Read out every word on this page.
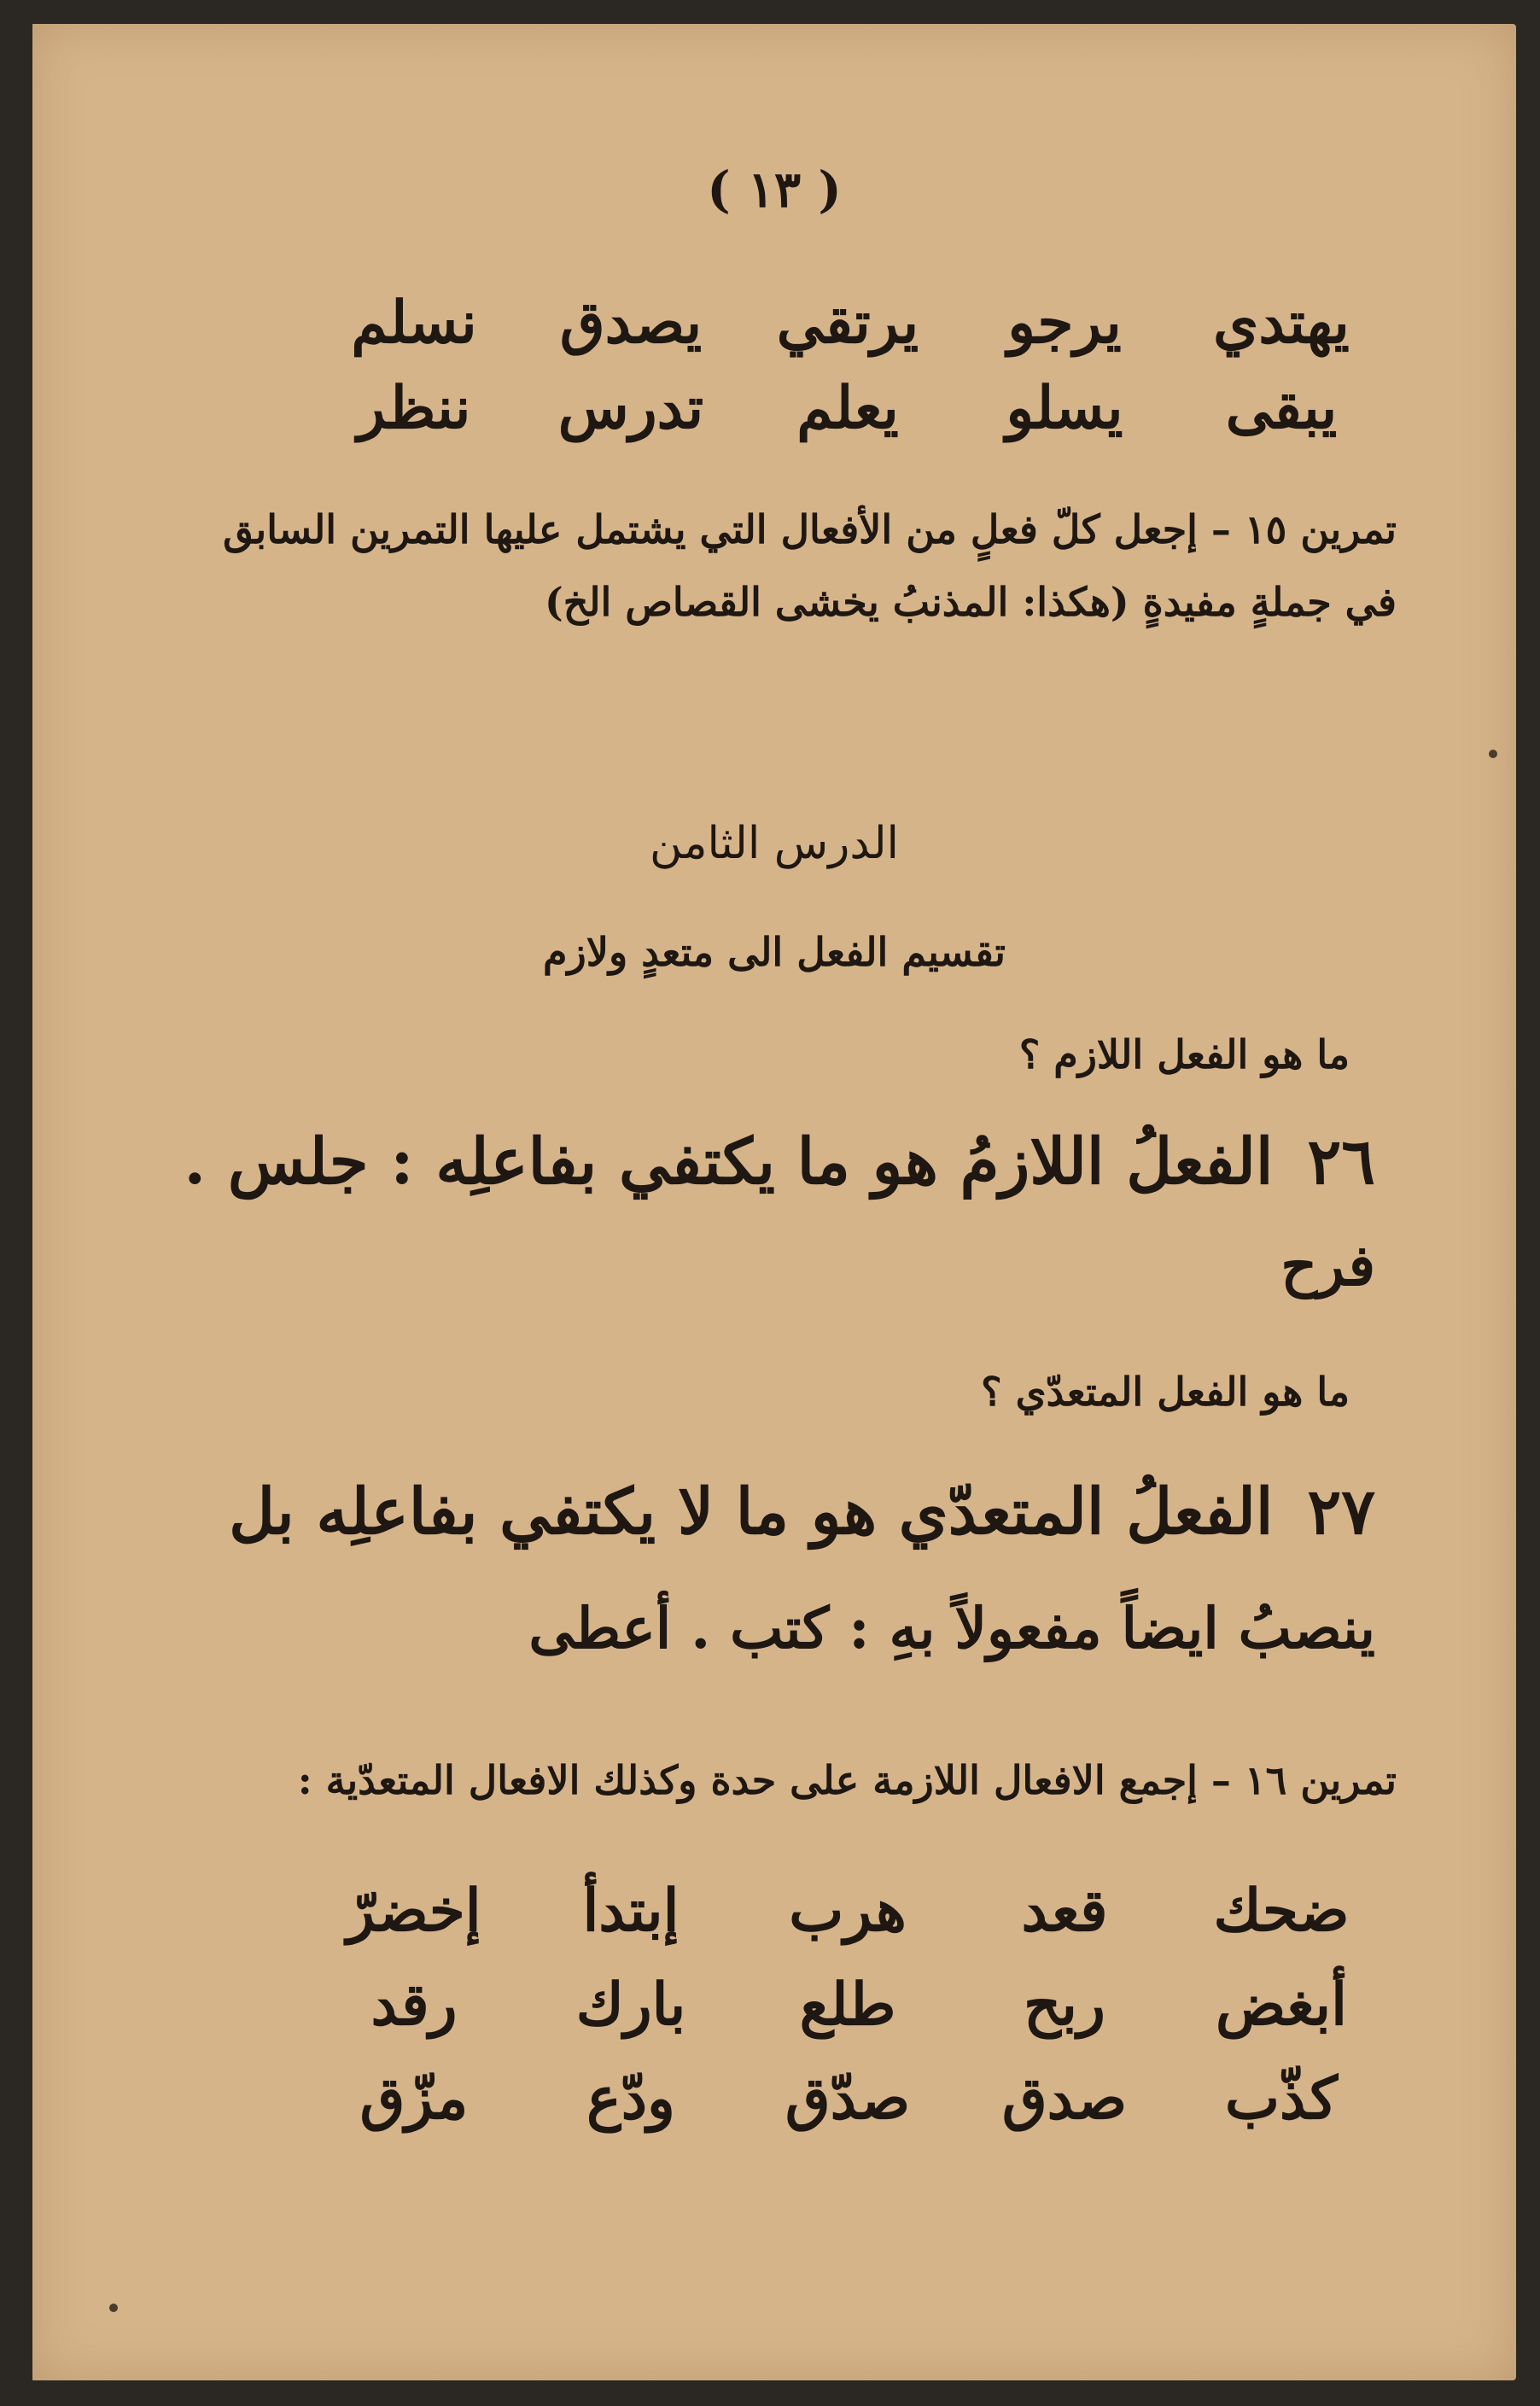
( ١٣ )
يهتدي
يرجو
يرتقي
يصدق
نسلم
يبقى
يسلو
يعلم
تدرس
ننظر
تمرين ١٥ – إجعل كلّ فعلٍ من الأفعال التي يشتمل عليها التمرين السابق
في جملةٍ مفيدةٍ (هكذا: المذنبُ يخشى القصاص الخ)
الدرس الثامن
تقسيم الفعل الى متعدٍ ولازم
ما هو الفعل اللازم ؟
٢٦الفعلُ اللازمُ هو ما يكتفي بفاعلِه : جلس .
فرح
ما هو الفعل المتعدّي ؟
٢٧الفعلُ المتعدّي هو ما لا يكتفي بفاعلِه بل
ينصبُ ايضاً مفعولاً بهِ : كتب . أعطى
تمرين ١٦ – إجمع الافعال اللازمة على حدة وكذلك الافعال المتعدّية :
ضحك
قعد
هرب
إبتدأ
إخضرّ
أبغض
ربح
طلع
بارك
رقد
كذّب
صدق
صدّق
ودّع
مزّق
